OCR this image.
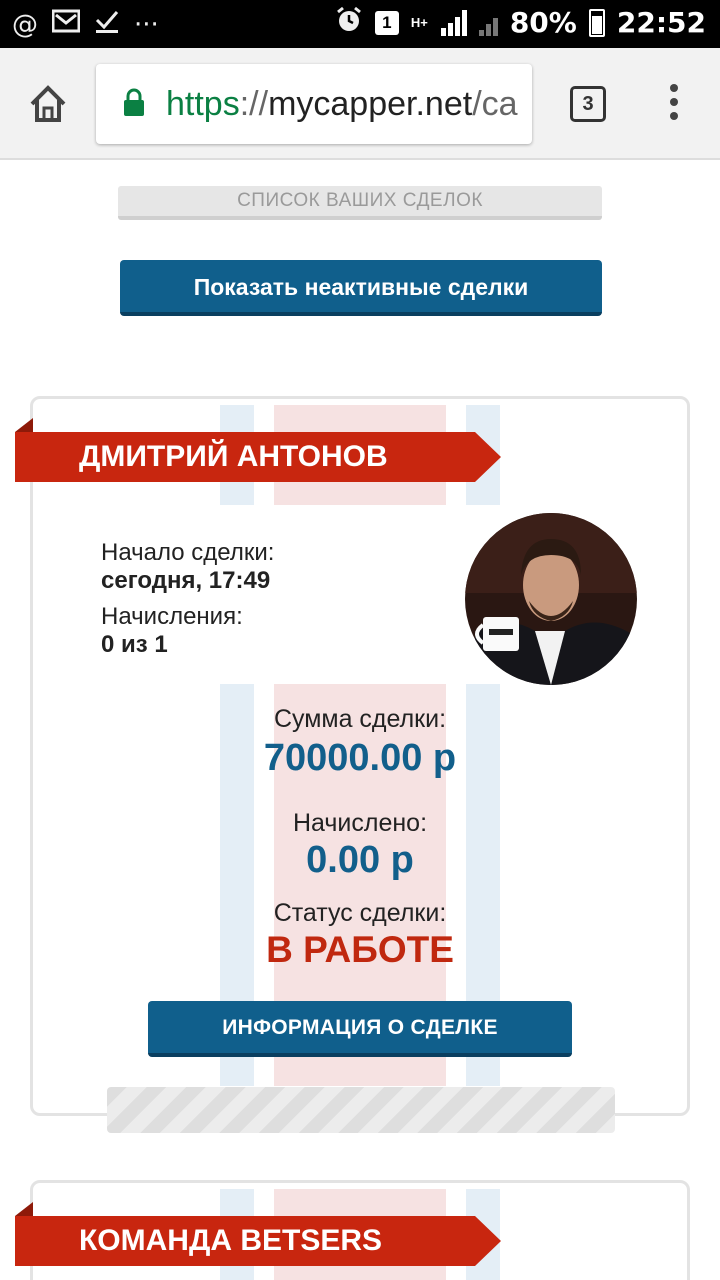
@	···	1	H+	80% 22:52
https://mycapper.net/ca	3
СПИСОК ВАШИХ СДЕЛОК
Показать неактивные сделки
ДМИТРИЙ АНТОНОВ
Начало сделки:
сегодня, 17:49
Начисления:
0 из 1
Сумма сделки:
70000.00 р
Начислено:
0.00 р
Статус сделки:
В РАБОТЕ
ИНФОРМАЦИЯ О СДЕЛКЕ
КОМАНДА BETSERS
